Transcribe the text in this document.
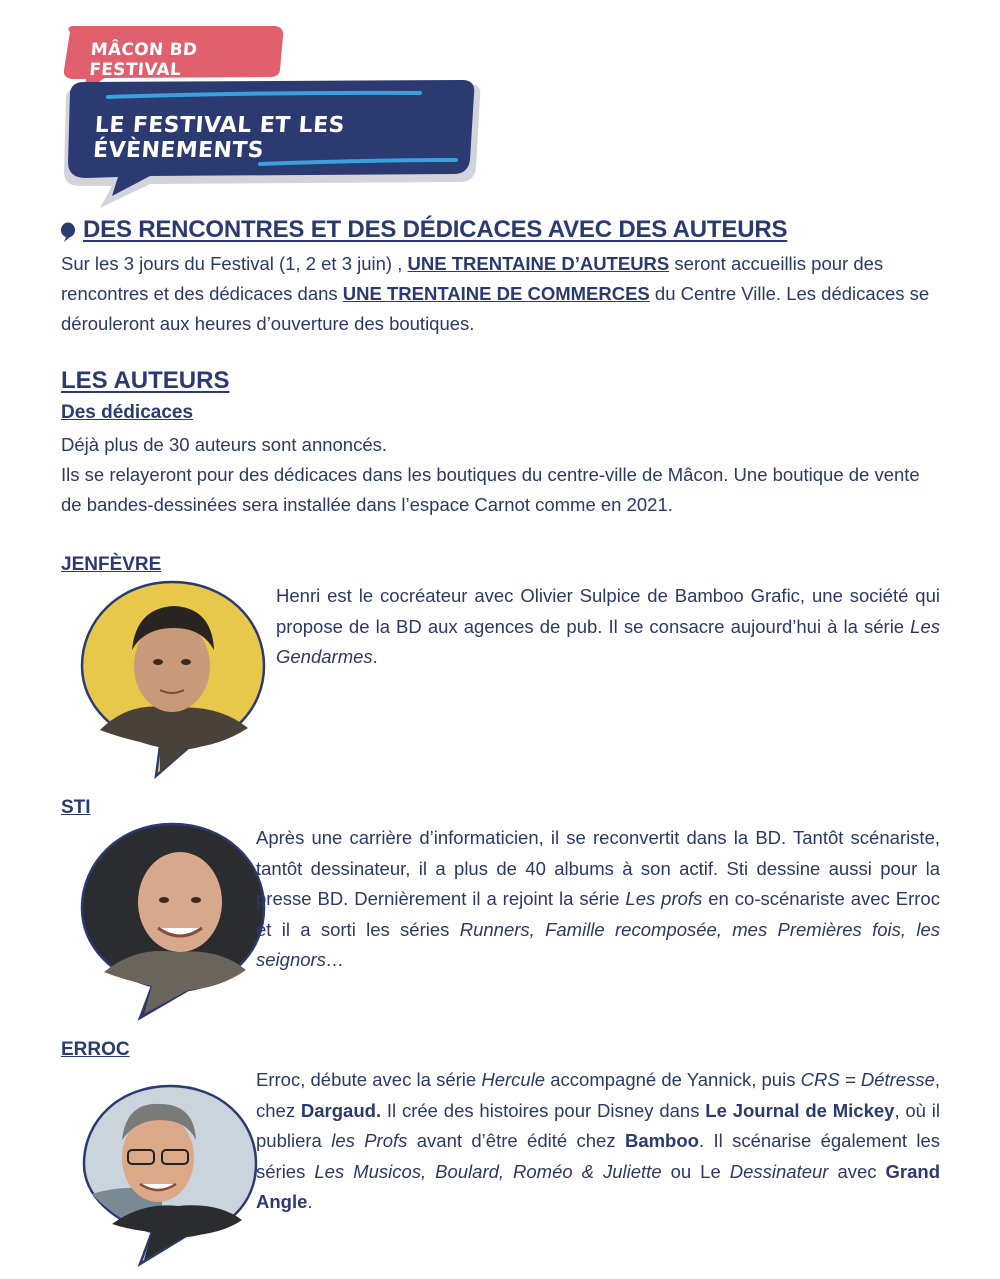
MÂCON BD FESTIVAL
LE FESTIVAL ET LES ÉVÈNEMENTS
DES RENCONTRES ET DES DÉDICACES AVEC DES AUTEURS
Sur les 3 jours du Festival (1, 2 et 3 juin) , UNE TRENTAINE D’AUTEURS seront accueillis pour des rencontres et des dédicaces dans UNE TRENTAINE DE COMMERCES du Centre Ville. Les dédicaces se dérouleront aux heures d’ouverture des boutiques.
LES AUTEURS
Des dédicaces
Déjà plus de 30 auteurs sont annoncés.
Ils se relayeront pour des dédicaces dans les boutiques du centre-ville de Mâcon. Une boutique de vente de bandes-dessinées sera installée dans l’espace Carnot comme en 2021.
JENFÈVRE
Henri est le cocréateur avec Olivier Sulpice de Bamboo Grafic, une société qui propose de la BD aux agences de pub. Il se consacre aujourd’hui à la série Les Gendarmes.
STI
Après une carrière d’informaticien, il se reconvertit dans la BD. Tantôt scénariste, tantôt dessinateur, il a plus de 40 albums à son actif. Sti dessine aussi pour la presse BD. Dernièrement il a rejoint la série Les profs en co-scénariste avec Erroc et il a sorti les séries Runners, Famille recomposée, mes Premières fois, les seignors…
ERROC
Erroc, débute avec la série Hercule accompagné de Yannick, puis CRS = Détresse, chez Dargaud. Il crée des histoires pour Disney dans Le Journal de Mickey, où il publiera les Profs avant d’être édité chez Bamboo. Il scénarise également les séries Les Musicos, Boulard, Roméo & Juliette ou Le Dessinateur avec Grand Angle.
